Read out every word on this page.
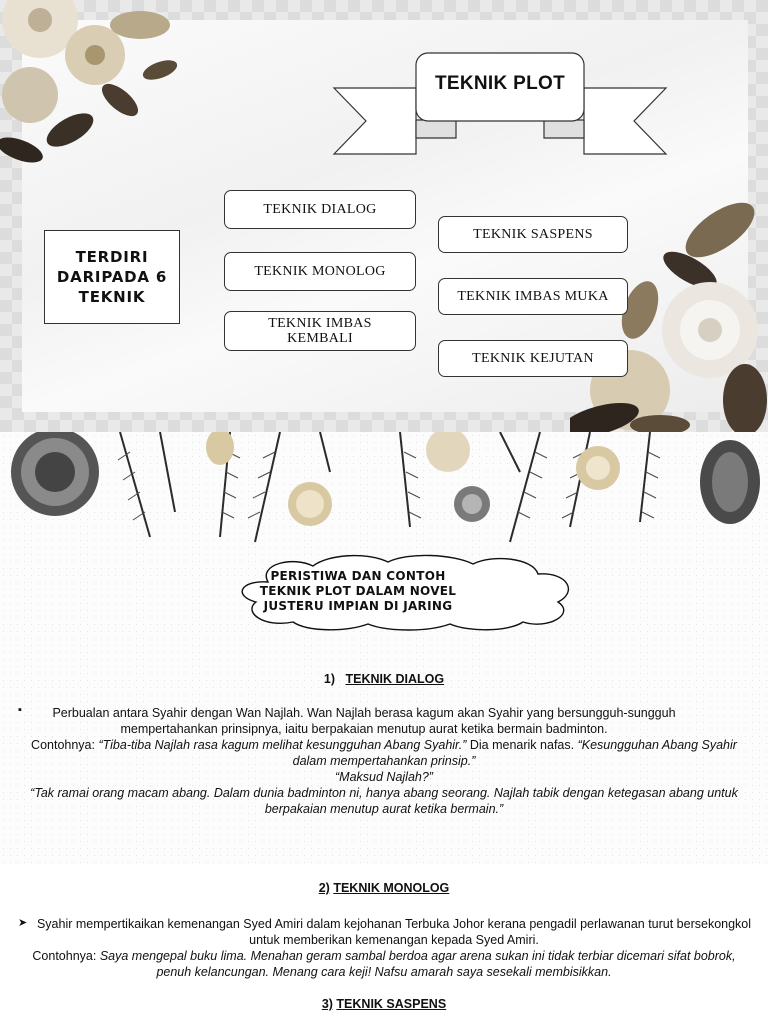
TEKNIK PLOT
TERDIRI
DARIPADA 6
TEKNIK
TEKNIK DIALOG
TEKNIK MONOLOG
TEKNIK IMBAS KEMBALI
TEKNIK SASPENS
TEKNIK IMBAS MUKA
TEKNIK KEJUTAN
PERISTIWA DAN CONTOH
TEKNIK PLOT DALAM NOVEL
JUSTERU IMPIAN DI JARING
1) TEKNIK DIALOG
▪	Perbualan antara Syahir dengan Wan Najlah. Wan Najlah berasa kagum akan Syahir yang bersungguh-sungguh mempertahankan prinsipnya, iaitu berpakaian menutup aurat ketika bermain badminton.
Contohnya: “Tiba-tiba Najlah rasa kagum melihat kesungguhan Abang Syahir.” Dia menarik nafas. “Kesungguhan Abang Syahir dalam mempertahankan prinsip.”
“Maksud Najlah?”
“Tak ramai orang macam abang. Dalam dunia badminton ni, hanya abang seorang. Najlah tabik dengan ketegasan abang untuk berpakaian menutup aurat ketika bermain.”
2) TEKNIK MONOLOG
➤ Syahir mempertikaikan kemenangan Syed Amiri dalam kejohanan Terbuka Johor kerana pengadil perlawanan turut bersekongkol untuk memberikan kemenangan kepada Syed Amiri.
Contohnya: Saya mengepal buku lima. Menahan geram sambal berdoa agar arena sukan ini tidak terbiar dicemari sifat bobrok, penuh kelancungan. Menang cara keji! Nafsu amarah saya sesekali membisikkan.
3) TEKNIK SASPENS
